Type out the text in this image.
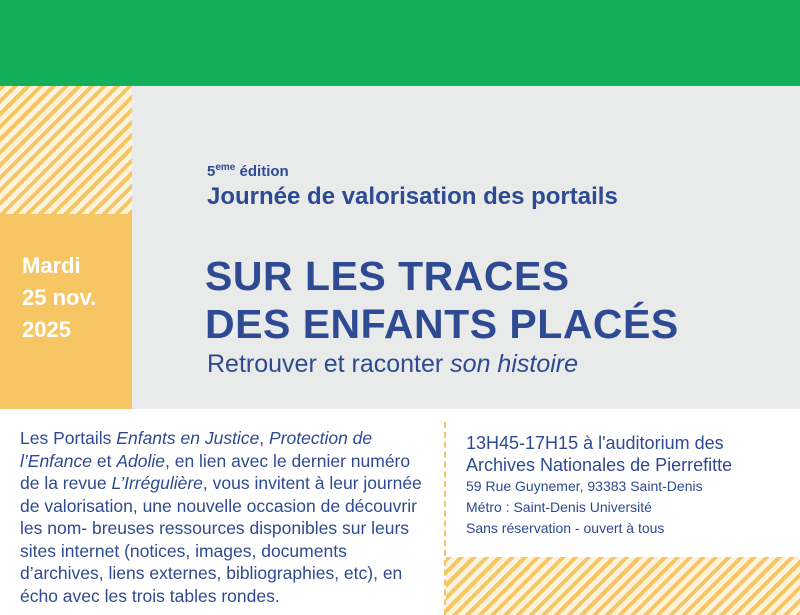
Mardi
25 nov.
2025
5eme édition
Journée de valorisation des portails
SUR LES TRACES
DES ENFANTS PLACÉS
Retrouver et raconter son histoire
Les Portails Enfants en Justice, Protection de l’Enfance et Adolie, en lien avec le dernier numéro de la revue L’Irrégulière, vous invitent à leur journée de valorisation, une nouvelle occasion de découvrir les nom- breuses ressources disponibles sur leurs sites internet (notices, images, documents d’archives, liens externes, bibliographies, etc), en écho avec les trois tables rondes.
13H45-17H15 à l'auditorium des
Archives Nationales de Pierrefitte
59 Rue Guynemer, 93383 Saint-Denis
Métro : Saint-Denis Université
Sans réservation - ouvert à tous
